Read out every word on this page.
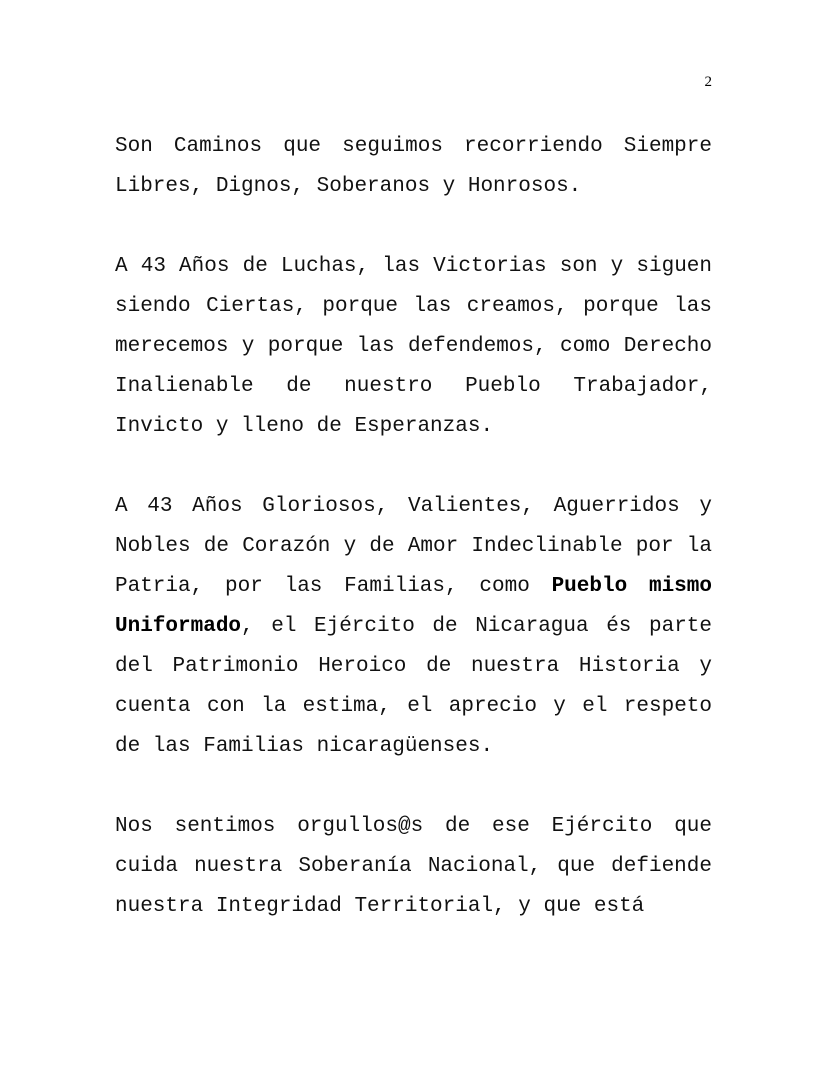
2

Son Caminos que seguimos recorriendo Siempre Libres, Dignos, Soberanos y Honrosos.

A 43 Años de Luchas, las Victorias son y siguen siendo Ciertas, porque las creamos, porque las merecemos y porque las defendemos, como Derecho Inalienable de nuestro Pueblo Trabajador, Invicto y lleno de Esperanzas.

A 43 Años Gloriosos, Valientes, Aguerridos y Nobles de Corazón y de Amor Indeclinable por la Patria, por las Familias, como Pueblo mismo Uniformado, el Ejército de Nicaragua és parte del Patrimonio Heroico de nuestra Historia y cuenta con la estima, el aprecio y el respeto de las Familias nicaragüenses.

Nos sentimos orgullos@s de ese Ejército que cuida nuestra Soberanía Nacional, que defiende nuestra Integridad Territorial, y que está
